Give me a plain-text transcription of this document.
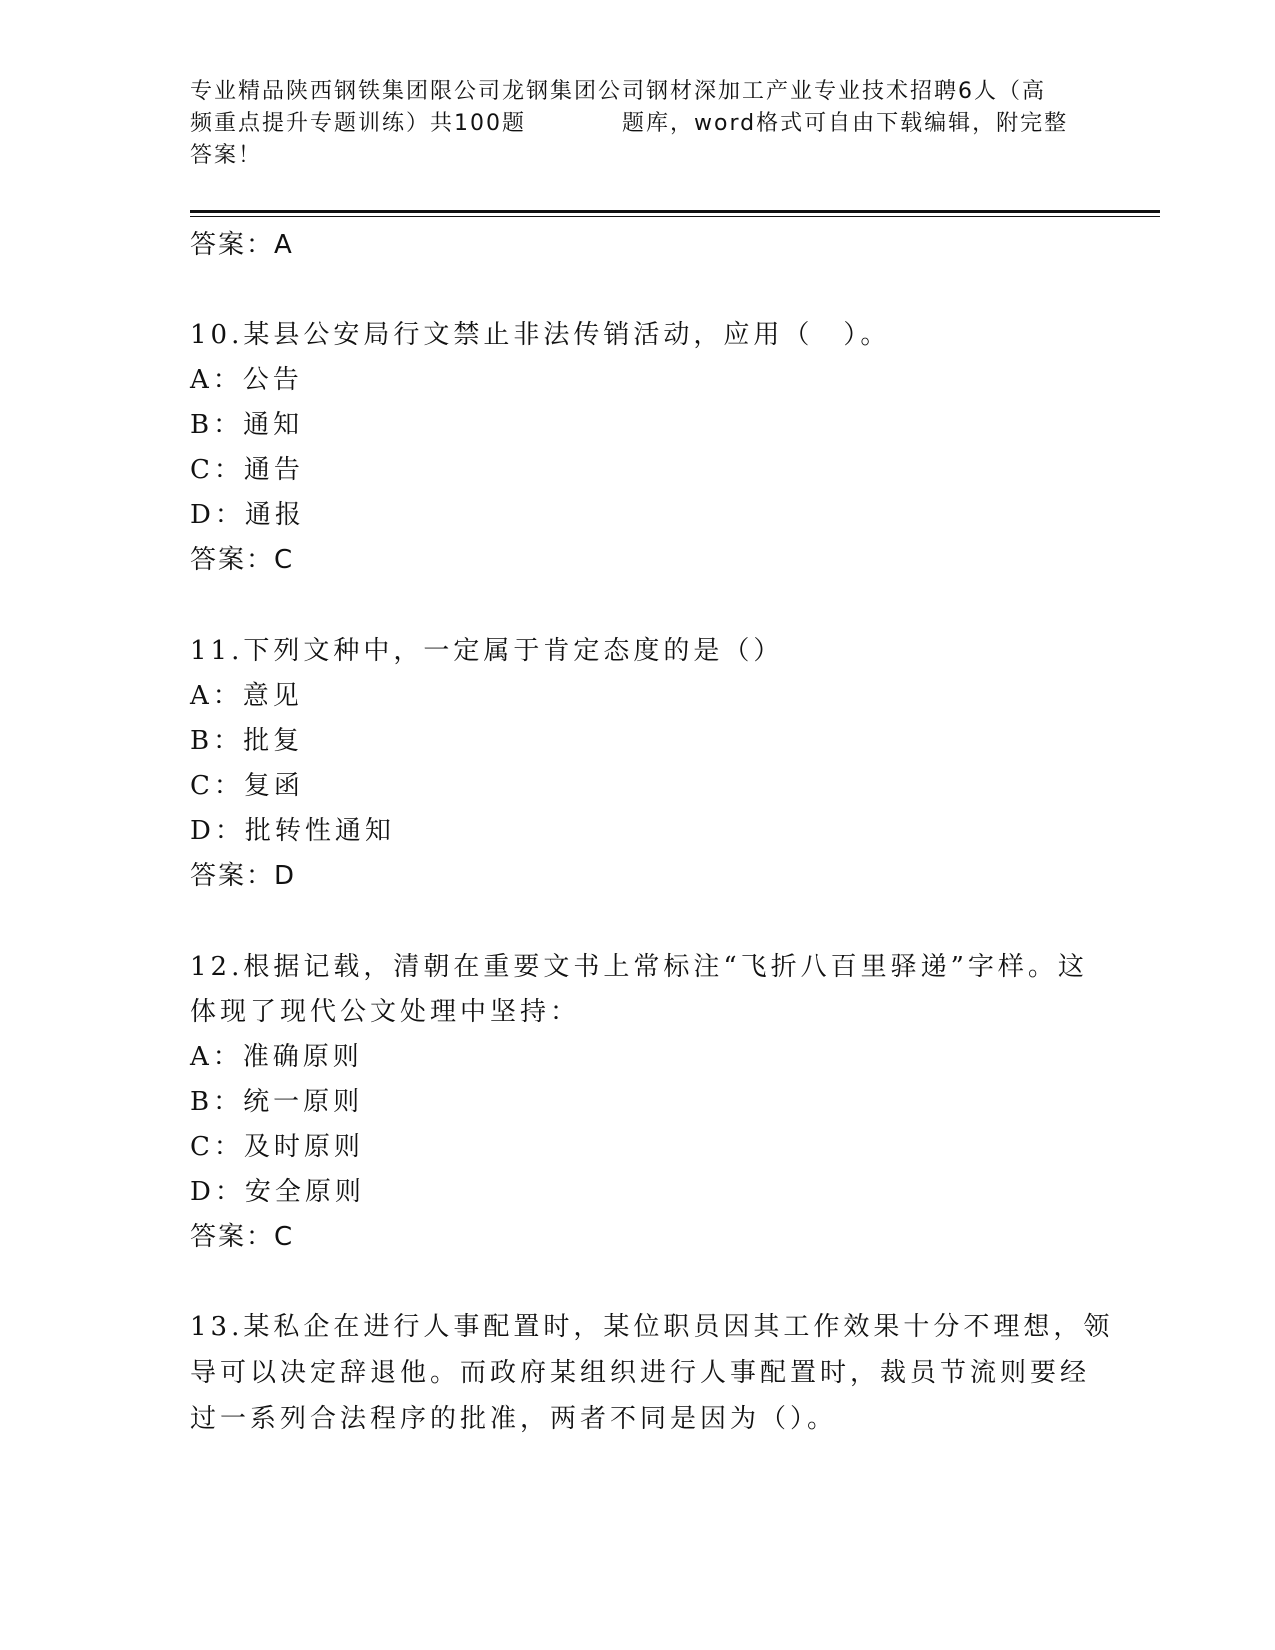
专业精品陕西钢铁集团限公司龙钢集团公司钢材深加工产业专业技术招聘6人（高
频重点提升专题训练）共100题　　　　题库，word格式可自由下载编辑，附完整
答案！
答案：A
10.某县公安局行文禁止非法传销活动，应用（　）。
A：公告
B：通知
C：通告
D：通报
答案：C
11.下列文种中，一定属于肯定态度的是（）
A：意见
B：批复
C：复函
D：批转性通知
答案：D
12.根据记载，清朝在重要文书上常标注“飞折八百里驿递”字样。这
体现了现代公文处理中坚持：
A：准确原则
B：统一原则
C：及时原则
D：安全原则
答案：C
13.某私企在进行人事配置时，某位职员因其工作效果十分不理想，领
导可以决定辞退他。而政府某组织进行人事配置时，裁员节流则要经
过一系列合法程序的批准，两者不同是因为（）。
